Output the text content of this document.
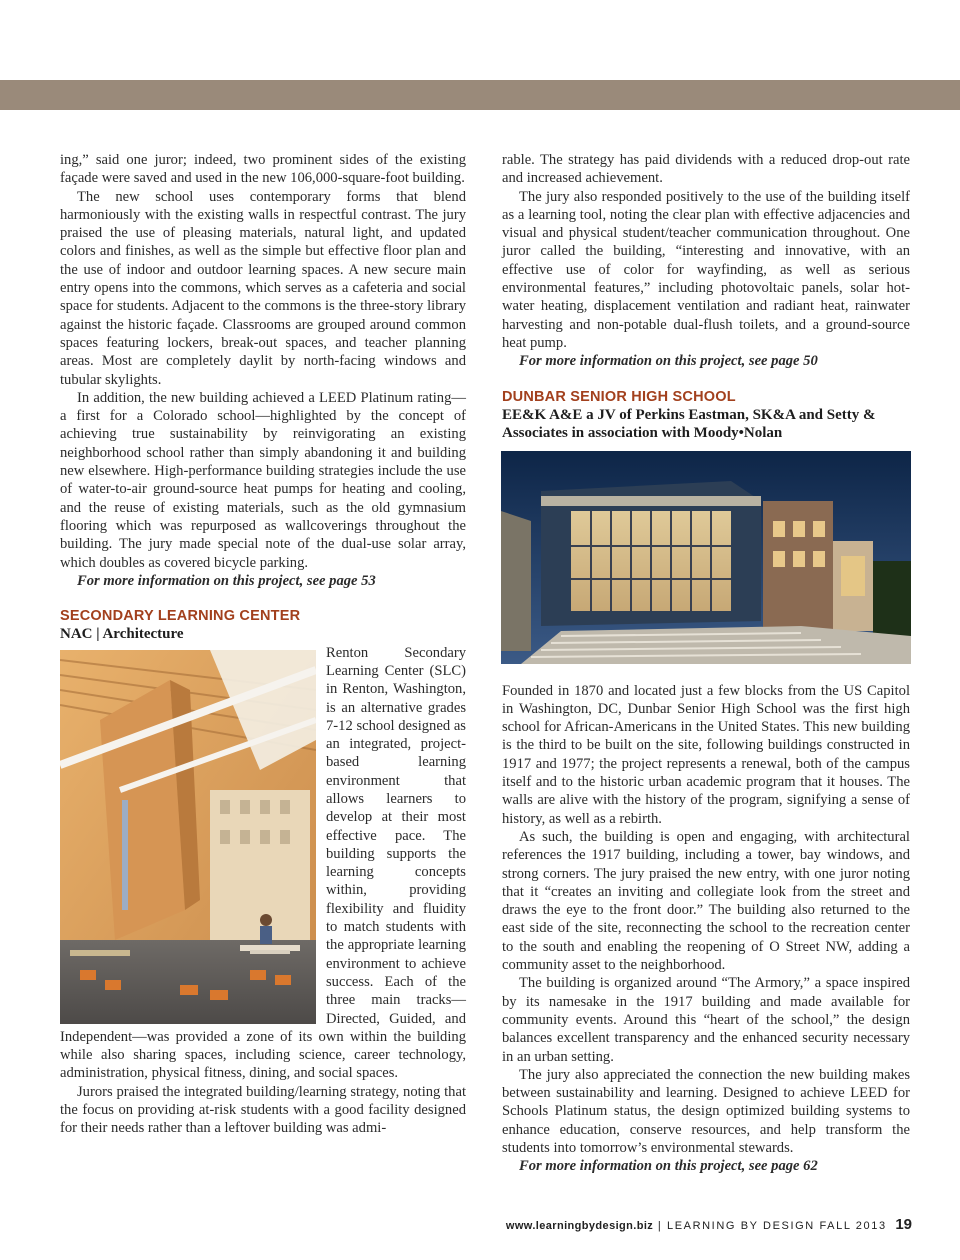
ing,” said one juror; indeed, two prominent sides of the existing façade were saved and used in the new 106,000-square-foot building.

The new school uses contemporary forms that blend harmoniously with the existing walls in respectful contrast. The jury praised the use of pleasing materials, natural light, and updated colors and finishes, as well as the simple but effective floor plan and the use of indoor and outdoor learning spaces. A new secure main entry opens into the commons, which serves as a cafeteria and social space for students. Adjacent to the commons is the three-story library against the historic façade. Classrooms are grouped around common spaces featuring lockers, break-out spaces, and teacher planning areas. Most are completely daylit by north-facing windows and tubular skylights.

In addition, the new building achieved a LEED Platinum rating—a first for a Colorado school—highlighted by the concept of achieving true sustainability by reinvigorating an existing neighborhood school rather than simply abandoning it and building new elsewhere. High-performance building strategies include the use of water-to-air ground-source heat pumps for heating and cooling, and the reuse of existing materials, such as the old gymnasium flooring which was repurposed as wallcoverings throughout the building. The jury made special note of the dual-use solar array, which doubles as covered bicycle parking.

For more information on this project, see page 53

SECONDARY LEARNING CENTER
NAC | Architecture

Renton Secondary Learning Center (SLC) in Renton, Washington, is an alternative grades 7-12 school designed as an integrated, project-based learning environment that allows learners to develop at their most effective pace. The building supports the learning concepts within, providing flexibility and fluidity to match students with the appropriate learning environment to achieve success. Each of the three main tracks—Directed, Guided, and Independent—was provided a zone of its own within the building while also sharing spaces, including science, career technology, administration, physical fitness, dining, and social spaces.

Jurors praised the integrated building/learning strategy, noting that the focus on providing at-risk students with a good facility designed for their needs rather than a leftover building was admi-

rable. The strategy has paid dividends with a reduced drop-out rate and increased achievement.

The jury also responded positively to the use of the building itself as a learning tool, noting the clear plan with effective adjacencies and visual and physical student/teacher communication throughout. One juror called the building, “interesting and innovative, with an effective use of color for wayfinding, as well as serious environmental features,” including photovoltaic panels, solar hot-water heating, displacement ventilation and radiant heat, rainwater harvesting and non-potable dual-flush toilets, and a ground-source heat pump.

For more information on this project, see page 50

DUNBAR SENIOR HIGH SCHOOL
EE&K A&E a JV of Perkins Eastman, SK&A and Setty & Associates in association with Moody•Nolan

Founded in 1870 and located just a few blocks from the US Capitol in Washington, DC, Dunbar Senior High School was the first high school for African-Americans in the United States. This new building is the third to be built on the site, following buildings constructed in 1917 and 1977; the project represents a renewal, both of the campus itself and to the historic urban academic program that it houses. The walls are alive with the history of the program, signifying a sense of history, as well as a rebirth.

As such, the building is open and engaging, with architectural references the 1917 building, including a tower, bay windows, and strong corners. The jury praised the new entry, with one juror noting that it “creates an inviting and collegiate look from the street and draws the eye to the front door.” The building also returned to the east side of the site, reconnecting the school to the recreation center to the south and enabling the reopening of O Street NW, adding a community asset to the neighborhood.

The building is organized around “The Armory,” a space inspired by its namesake in the 1917 building and made available for community events. Around this “heart of the school,” the design balances excellent transparency and the enhanced security necessary in an urban setting.

The jury also appreciated the connection the new building makes between sustainability and learning. Designed to achieve LEED for Schools Platinum status, the design optimized building systems to enhance education, conserve resources, and help transform the students into tomorrow’s environmental stewards.

For more information on this project, see page 62

www.learningbydesign.biz | LEARNING BY DESIGN FALL 2013 19
